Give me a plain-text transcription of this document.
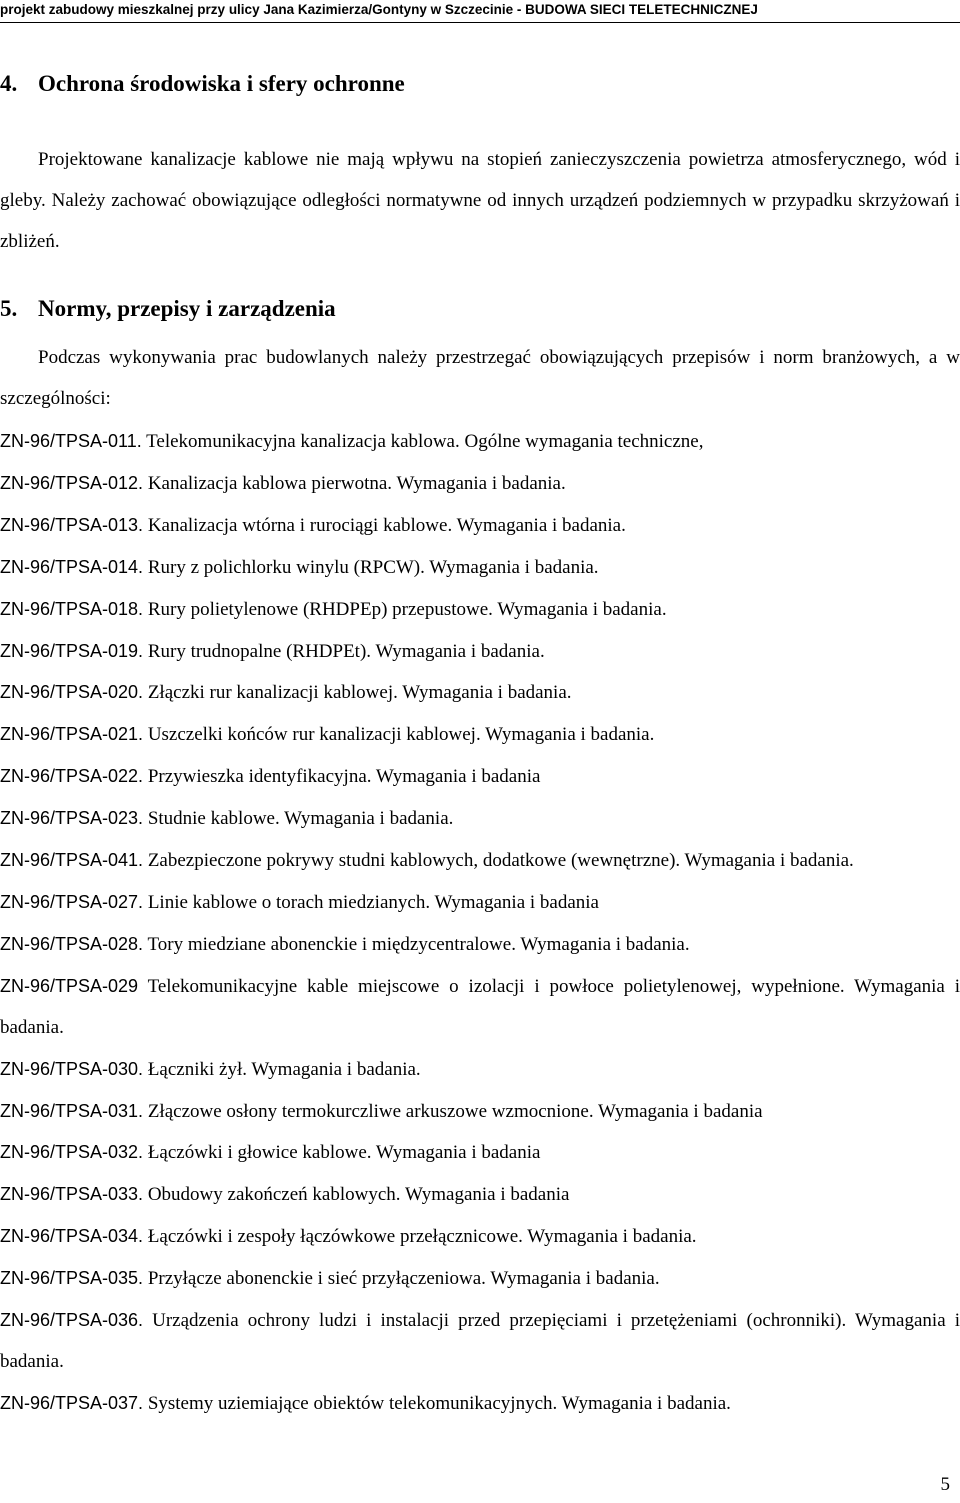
projekt zabudowy mieszkalnej przy ulicy Jana Kazimierza/Gontyny w Szczecinie - BUDOWA SIECI TELETECHNICZNEJ
4. Ochrona środowiska i sfery ochronne
Projektowane kanalizacje kablowe nie mają wpływu na stopień zanieczyszczenia powietrza atmosferycznego, wód i gleby. Należy zachować obowiązujące odległości normatywne od innych urządzeń podziemnych w przypadku skrzyżowań i zbliżeń.
5. Normy, przepisy i zarządzenia
Podczas wykonywania prac budowlanych należy przestrzegać obowiązujących przepisów i norm branżowych, a w szczególności:
ZN-96/TPSA-011. Telekomunikacyjna kanalizacja kablowa. Ogólne wymagania techniczne,
ZN-96/TPSA-012. Kanalizacja kablowa pierwotna. Wymagania i badania.
ZN-96/TPSA-013. Kanalizacja wtórna i rurociągi kablowe. Wymagania i badania.
ZN-96/TPSA-014. Rury z polichlorku winylu (RPCW). Wymagania i badania.
ZN-96/TPSA-018. Rury polietylenowe (RHDPEp) przepustowe. Wymagania i badania.
ZN-96/TPSA-019. Rury trudnopalne (RHDPEt). Wymagania i badania.
ZN-96/TPSA-020. Złączki rur kanalizacji kablowej. Wymagania i badania.
ZN-96/TPSA-021. Uszczelki końców rur kanalizacji kablowej. Wymagania i badania.
ZN-96/TPSA-022. Przywieszka identyfikacyjna. Wymagania i badania
ZN-96/TPSA-023. Studnie kablowe. Wymagania i badania.
ZN-96/TPSA-041. Zabezpieczone pokrywy studni kablowych, dodatkowe (wewnętrzne). Wymagania i badania.
ZN-96/TPSA-027. Linie kablowe o torach miedzianych. Wymagania i badania
ZN-96/TPSA-028. Tory miedziane abonenckie i międzycentralowe. Wymagania i badania.
ZN-96/TPSA-029 Telekomunikacyjne kable miejscowe o izolacji i powłoce polietylenowej, wypełnione. Wymagania i badania.
ZN-96/TPSA-030. Łączniki żył. Wymagania i badania.
ZN-96/TPSA-031. Złączowe osłony termokurczliwe arkuszowe wzmocnione. Wymagania i badania
ZN-96/TPSA-032. Łączówki i głowice kablowe. Wymagania i badania
ZN-96/TPSA-033. Obudowy zakończeń kablowych. Wymagania i badania
ZN-96/TPSA-034. Łączówki i zespoły łączówkowe przełącznicowe. Wymagania i badania.
ZN-96/TPSA-035. Przyłącze abonenckie i sieć przyłączeniowa. Wymagania i badania.
ZN-96/TPSA-036. Urządzenia ochrony ludzi i instalacji przed przepięciami i przetężeniami (ochronniki). Wymagania i badania.
ZN-96/TPSA-037. Systemy uziemiające obiektów telekomunikacyjnych. Wymagania i badania.
5
